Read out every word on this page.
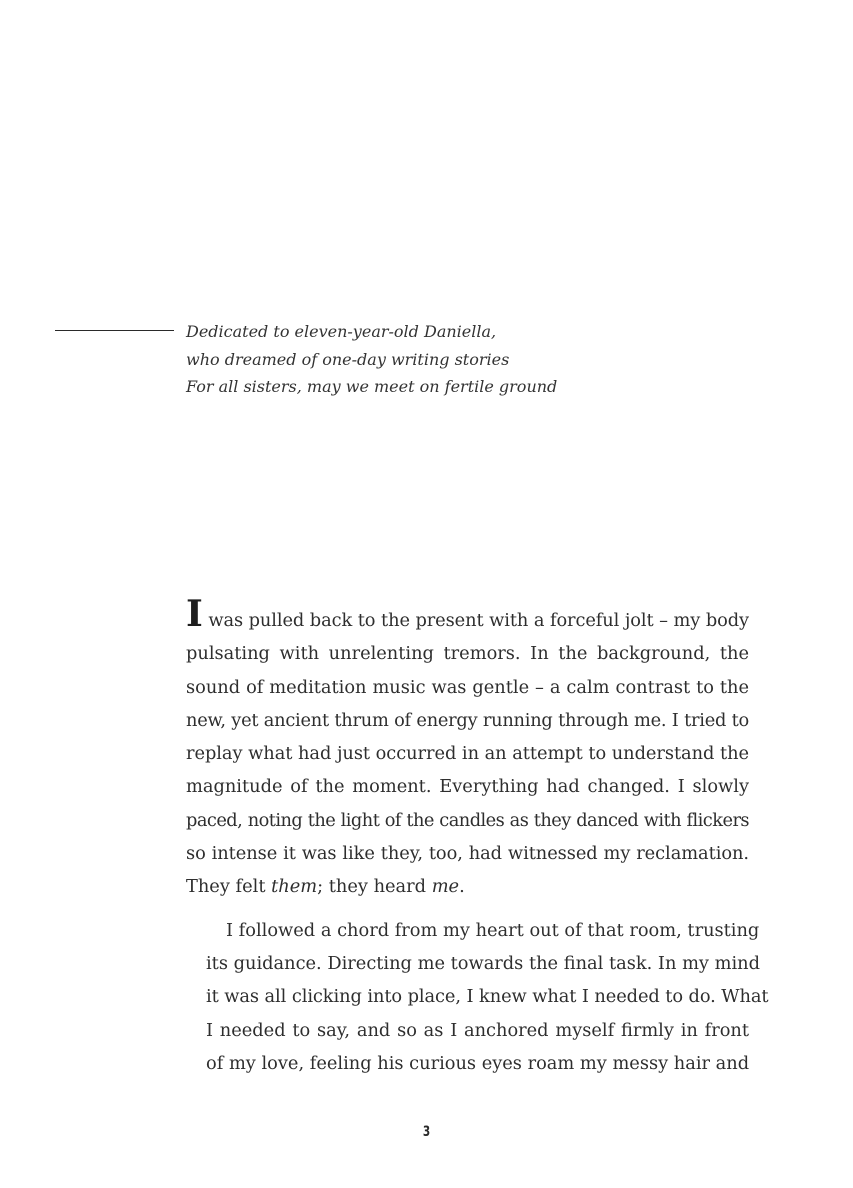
Dedicated to eleven-year-old Daniella,
who dreamed of one-day writing stories
For all sisters, may we meet on fertile ground

I was pulled back to the present with a forceful jolt – my body
pulsating with unrelenting tremors. In the background, the
sound of meditation music was gentle – a calm contrast to the
new, yet ancient thrum of energy running through me. I tried to
replay what had just occurred in an attempt to understand the
magnitude of the moment. Everything had changed. I slowly
paced, noting the light of the candles as they danced with flickers
so intense it was like they, too, had witnessed my reclamation.
They felt them; they heard me.

I followed a chord from my heart out of that room, trusting
its guidance. Directing me towards the final task. In my mind
it was all clicking into place, I knew what I needed to do. What
I needed to say, and so as I anchored myself firmly in front
of my love, feeling his curious eyes roam my messy hair and

3
